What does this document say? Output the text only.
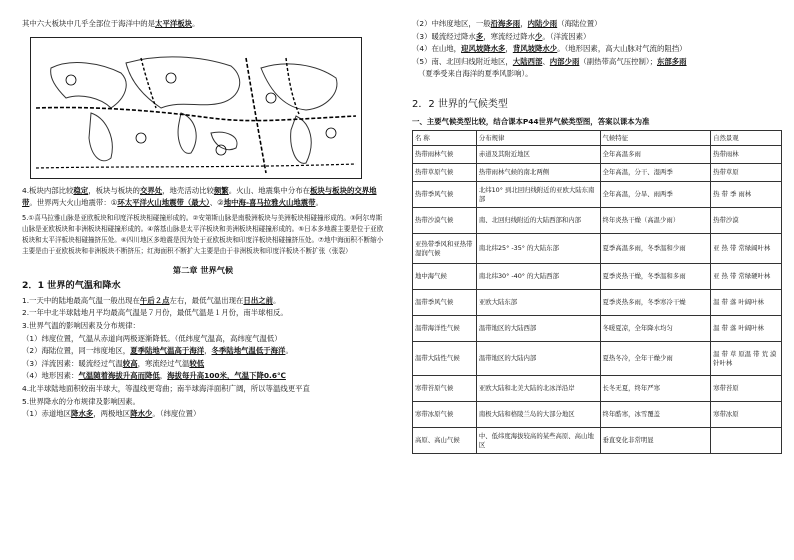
其中六大板块中几乎全部位于海洋中的是太平洋板块。

4.板块内部比较稳定，板块与板块的交界处，地壳活动比较频繁。火山、地震集中分布在板块与板块的交界地带。世界两大火山地震带：①环太平洋火山地震带（最大）、②地中海-喜马拉雅火山地震带。

5.①喜马拉雅山脉是亚欧板块和印度洋板块相碰撞形成的。②安第斯山脉是南极洲板块与美洲板块相碰撞形成的。③阿尔卑斯山脉是亚欧板块和非洲板块相碰撞形成的。④落基山脉是太平洋板块和美洲板块相碰撞形成的。⑤日本多地震主要是位于亚欧板块和太平洋板块相碰撞挤压处。⑥四川地区多地震是因为处于亚欧板块和印度洋板块相碰撞挤压处。⑦地中海面积不断缩小主要是由于亚欧板块和非洲板块不断挤压；红海面积不断扩大主要是由于非洲板块和印度洋板块不断扩张（张裂）

第二章 世界气候

2．1 世界的气温和降水

1.一天中的陆地最高气温一般出现在午后２点左右，最低气温出现在日出之前。

2.一年中北半球陆地月平均最高气温是７月份，最低气温是１月份，南半球相反。

3.世界气温的影响因素及分布规律：

（1）纬度位置，气温从赤道向两极逐渐降低。（低纬度气温高，高纬度气温低）

（2）海陆位置，同一纬度地区，夏季陆地气温高于海洋，冬季陆地气温低于海洋。

（3）洋流因素：暖流经过气温较高，寒流经过气温较低

（4）地形因素：气温随着海拔升高而降低，海拔每升高100米，气温下降0.6℃

4.北半球陆地面积较南半球大，等温线更弯曲；南半球海洋面积广阔，所以等温线更平直

5.世界降水的分布规律及影响因素。

（1）赤道地区降水多，两极地区降水少。（纬度位置）

（2）中纬度地区，一般沿海多雨，内陆少雨（海陆位置）

（3）暖流经过降水多，寒流经过降水少。（洋流因素）

（4）在山地，迎风坡降水多，背风坡降水少。（地形因素，高大山脉对气流的阻挡）

（5）南、北回归线附近地区，大陆西部、内部少雨（副热带高气压控制）；东部多雨

（夏季受来自海洋的夏季风影响）。

2．2 世界的气候类型

一、主要气候类型比较，结合课本P44世界气候类型图，答案以课本为准

名 称	分布规律	气候特征	自然景观
热带雨林气候	赤道及其附近地区	全年高温多雨	热带雨林
热带草原气候	热带雨林气候的南北两侧	全年高温，分干、湿两季	热带草原
热带季风气候	北纬10° 到北回归线附近的亚欧大陆东南部	全年高温，分旱、雨两季	热 带 季 雨林
热带沙漠气候	南、北回归线附近的大陆西部和内部	终年炎热干燥（高温少雨）	热带沙漠
亚热带季风和亚热带湿润气候	南北纬25° -35° 的大陆东部	夏季高温多雨，冬季温和少雨	亚 热 带 常绿阔叶林
地中海气候	南北纬30° -40° 的大陆西部	夏季炎热干燥，冬季温和多雨	亚 热 带 常绿硬叶林
温带季风气候	亚欧大陆东部	夏季炎热多雨，冬季寒冷干燥	温 带 落 叶阔叶林
温带海洋性气候	温带地区的大陆西部	冬暖夏凉，全年降水均匀	温 带 落 叶阔叶林
温带大陆性气候	温带地区的大陆内部	夏热冬冷，全年干燥少雨	温 带 草 原温 带 荒 漠针叶林
寒带苔原气候	亚欧大陆和北美大陆的北冰洋沿岸	长冬无夏，终年严寒	寒带苔原
寒带冰原气候	南极大陆和格陵兰岛的大部分地区	终年酷寒，冰雪覆盖	寒带冰原
高原、高山气候	中、低纬度海拔较高的某些高原、高山地区	垂直变化非常明显	
